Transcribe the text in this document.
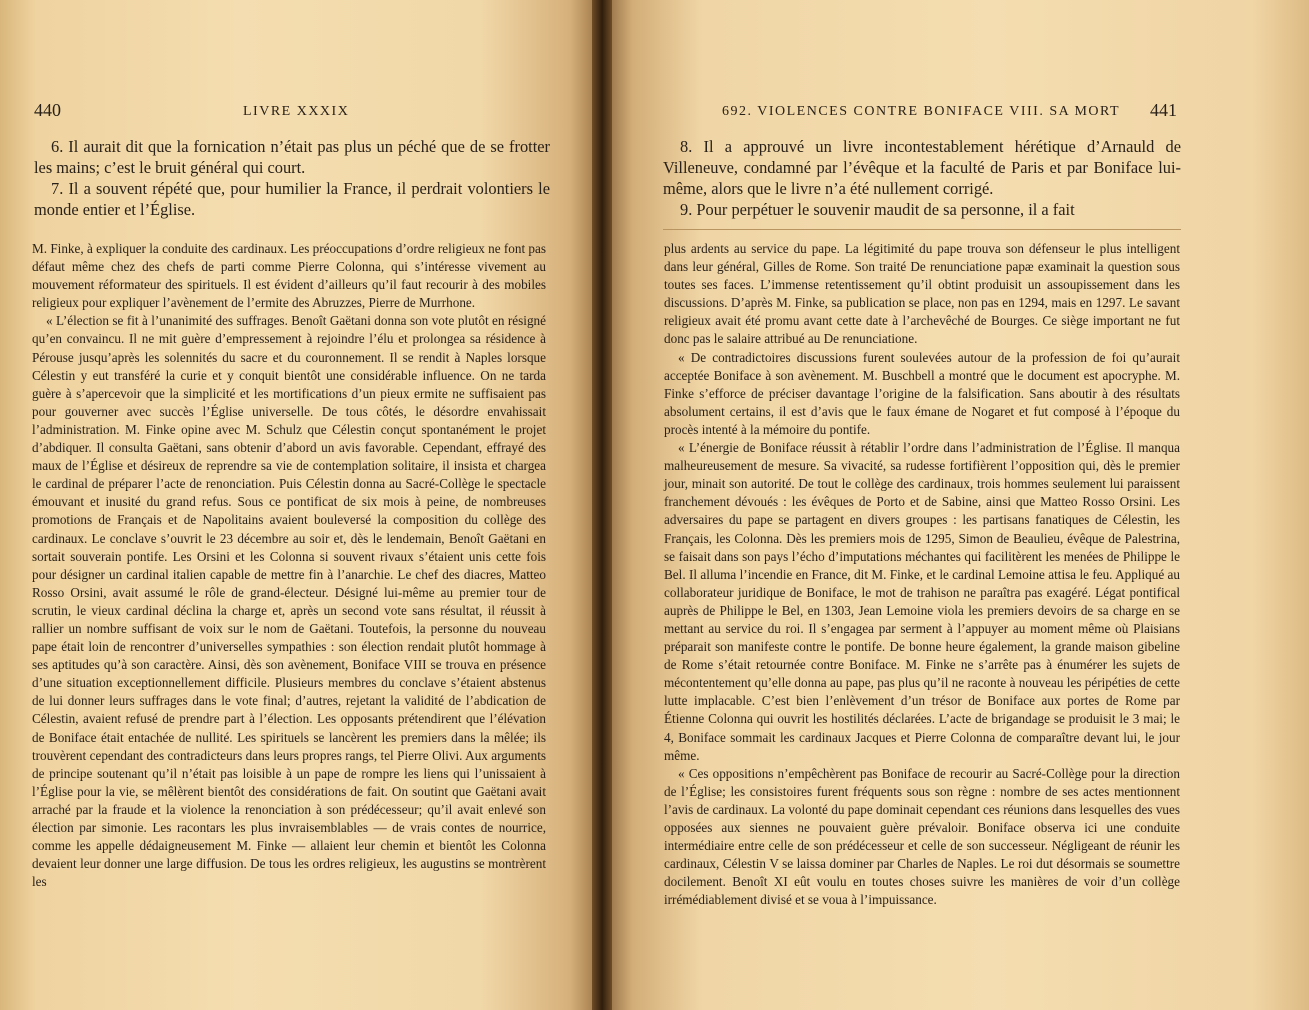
440	LIVRE XXXIX

6. Il aurait dit que la fornication n’était pas plus un péché que de se frotter les mains; c’est le bruit général qui court.

7. Il a souvent répété que, pour humilier la France, il perdrait volontiers le monde entier et l’Église.

M. Finke, à expliquer la conduite des cardinaux. Les préoccupations d’ordre religieux ne font pas défaut même chez des chefs de parti comme Pierre Colonna, qui s’intéresse vivement au mouvement réformateur des spirituels. Il est évident d’ailleurs qu’il faut recourir à des mobiles religieux pour expliquer l’avènement de l’ermite des Abruzzes, Pierre de Murrhone.

« L’élection se fit à l’unanimité des suffrages. Benoît Gaëtani donna son vote plutôt en résigné qu’en convaincu. Il ne mit guère d’empressement à rejoindre l’élu et prolongea sa résidence à Pérouse jusqu’après les solennités du sacre et du couronnement. Il se rendit à Naples lorsque Célestin y eut transféré la curie et y conquit bientôt une considérable influence. On ne tarda guère à s’apercevoir que la simplicité et les mortifications d’un pieux ermite ne suffisaient pas pour gouverner avec succès l’Église universelle. De tous côtés, le désordre envahissait l’administration. M. Finke opine avec M. Schulz que Célestin conçut spontanément le projet d’abdiquer. Il consulta Gaëtani, sans obtenir d’abord un avis favorable. Cependant, effrayé des maux de l’Église et désireux de reprendre sa vie de contemplation solitaire, il insista et chargea le cardinal de préparer l’acte de renonciation. Puis Célestin donna au Sacré-Collège le spectacle émouvant et inusité du grand refus. Sous ce pontificat de six mois à peine, de nombreuses promotions de Français et de Napolitains avaient bouleversé la composition du collège des cardinaux. Le conclave s’ouvrit le 23 décembre au soir et, dès le lendemain, Benoît Gaëtani en sortait souverain pontife. Les Orsini et les Colonna si souvent rivaux s’étaient unis cette fois pour désigner un cardinal italien capable de mettre fin à l’anarchie. Le chef des diacres, Matteo Rosso Orsini, avait assumé le rôle de grand-électeur. Désigné lui-même au premier tour de scrutin, le vieux cardinal déclina la charge et, après un second vote sans résultat, il réussit à rallier un nombre suffisant de voix sur le nom de Gaëtani. Toutefois, la personne du nouveau pape était loin de rencontrer d’universelles sympathies : son élection rendait plutôt hommage à ses aptitudes qu’à son caractère. Ainsi, dès son avènement, Boniface VIII se trouva en présence d’une situation exceptionnellement difficile. Plusieurs membres du conclave s’étaient abstenus de lui donner leurs suffrages dans le vote final; d’autres, rejetant la validité de l’abdication de Célestin, avaient refusé de prendre part à l’élection. Les opposants prétendirent que l’élévation de Boniface était entachée de nullité. Les spirituels se lancèrent les premiers dans la mêlée; ils trouvèrent cependant des contradicteurs dans leurs propres rangs, tel Pierre Olivi. Aux arguments de principe soutenant qu’il n’était pas loisible à un pape de rompre les liens qui l’unissaient à l’Église pour la vie, se mêlèrent bientôt des considérations de fait. On soutint que Gaëtani avait arraché par la fraude et la violence la renonciation à son prédécesseur; qu’il avait enlevé son élection par simonie. Les racontars les plus invraisemblables — de vrais contes de nourrice, comme les appelle dédaigneusement M. Finke — allaient leur chemin et bientôt les Colonna devaient leur donner une large diffusion. De tous les ordres religieux, les augustins se montrèrent les

692. VIOLENCES CONTRE BONIFACE VIII. SA MORT 441

8. Il a approuvé un livre incontestablement hérétique d’Arnauld de Villeneuve, condamné par l’évêque et la faculté de Paris et par Boniface lui-même, alors que le livre n’a été nullement corrigé.

9. Pour perpétuer le souvenir maudit de sa personne, il a fait

plus ardents au service du pape. La légitimité du pape trouva son défenseur le plus intelligent dans leur général, Gilles de Rome. Son traité De renunciatione papæ examinait la question sous toutes ses faces. L’immense retentissement qu’il obtint produisit un assoupissement dans les discussions. D’après M. Finke, sa publication se place, non pas en 1294, mais en 1297. Le savant religieux avait été promu avant cette date à l’archevêché de Bourges. Ce siège important ne fut donc pas le salaire attribué au De renunciatione.

« De contradictoires discussions furent soulevées autour de la profession de foi qu’aurait acceptée Boniface à son avènement. M. Buschbell a montré que le document est apocryphe. M. Finke s’efforce de préciser davantage l’origine de la falsification. Sans aboutir à des résultats absolument certains, il est d’avis que le faux émane de Nogaret et fut composé à l’époque du procès intenté à la mémoire du pontife.

« L’énergie de Boniface réussit à rétablir l’ordre dans l’administration de l’Église. Il manqua malheureusement de mesure. Sa vivacité, sa rudesse fortifièrent l’opposition qui, dès le premier jour, minait son autorité. De tout le collège des cardinaux, trois hommes seulement lui paraissent franchement dévoués : les évêques de Porto et de Sabine, ainsi que Matteo Rosso Orsini. Les adversaires du pape se partagent en divers groupes : les partisans fanatiques de Célestin, les Français, les Colonna. Dès les premiers mois de 1295, Simon de Beaulieu, évêque de Palestrina, se faisait dans son pays l’écho d’imputations méchantes qui facilitèrent les menées de Philippe le Bel. Il alluma l’incendie en France, dit M. Finke, et le cardinal Lemoine attisa le feu. Appliqué au collaborateur juridique de Boniface, le mot de trahison ne paraîtra pas exagéré. Légat pontifical auprès de Philippe le Bel, en 1303, Jean Lemoine viola les premiers devoirs de sa charge en se mettant au service du roi. Il s’engagea par serment à l’appuyer au moment même où Plaisians préparait son manifeste contre le pontife. De bonne heure également, la grande maison gibeline de Rome s’était retournée contre Boniface. M. Finke ne s’arrête pas à énumérer les sujets de mécontentement qu’elle donna au pape, pas plus qu’il ne raconte à nouveau les péripéties de cette lutte implacable. C’est bien l’enlèvement d’un trésor de Boniface aux portes de Rome par Étienne Colonna qui ouvrit les hostilités déclarées. L’acte de brigandage se produisit le 3 mai; le 4, Boniface sommait les cardinaux Jacques et Pierre Colonna de comparaître devant lui, le jour même.

« Ces oppositions n’empêchèrent pas Boniface de recourir au Sacré-Collège pour la direction de l’Église; les consistoires furent fréquents sous son règne : nombre de ses actes mentionnent l’avis de cardinaux. La volonté du pape dominait cependant ces réunions dans lesquelles des vues opposées aux siennes ne pouvaient guère prévaloir. Boniface observa ici une conduite intermédiaire entre celle de son prédécesseur et celle de son successeur. Négligeant de réunir les cardinaux, Célestin V se laissa dominer par Charles de Naples. Le roi dut désormais se soumettre docilement. Benoît XI eût voulu en toutes choses suivre les manières de voir d’un collège irrémédiablement divisé et se voua à l’impuissance.
